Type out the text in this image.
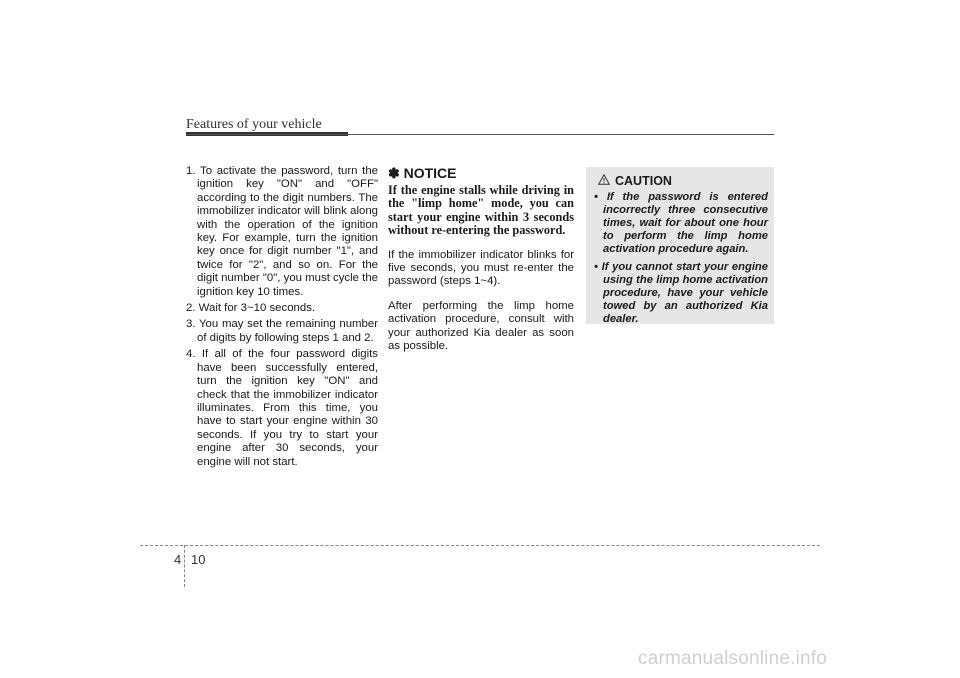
Features of your vehicle

1. To activate the password, turn the ignition key "ON" and "OFF" according to the digit numbers. The immobilizer indicator will blink along with the operation of the ignition key. For example, turn the ignition key once for digit number "1", and twice for "2", and so on. For the digit number "0", you must cycle the ignition key 10 times.

2. Wait for 3~10 seconds.

3. You may set the remaining number of digits by following steps 1 and 2.

4. If all of the four password digits have been successfully entered, turn the ignition key "ON" and check that the immobilizer indicator illuminates. From this time, you have to start your engine within 30 seconds. If you try to start your engine after 30 seconds, your engine will not start.

✽ NOTICE

If the engine stalls while driving in the "limp home" mode, you can start your engine within 3 seconds without re-entering the password.

If the immobilizer indicator blinks for five seconds, you must re-enter the password (steps 1~4).

After performing the limp home activation procedure, consult with your authorized Kia dealer as soon as possible.

CAUTION

• If the password is entered incorrectly three consecutive times, wait for about one hour to perform the limp home activation procedure again.

• If you cannot start your engine using the limp home activation procedure, have your vehicle towed by an authorized Kia dealer.

4 10
carmanualsonline.info
